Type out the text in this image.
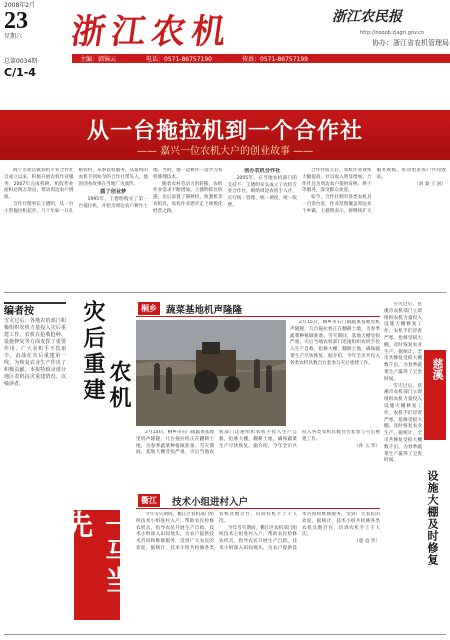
2008年2月
23
星期六	浙江农机	浙江农民报
http://nooob.zjagri.gov.cn
协办：浙江省农机管理局
总第0034期
C/1-4
主编：韩锦云	电话：0571-86757190	传真：0571-86757199
从一台拖拉机到一个合作社
—— 嘉兴一位农机大户的创业故事 ——

海宁市盐官镇农机专业合作社自成立以来，积极开展农机作业服务，2007年完成机耕、机收作业面积达两万余亩，带动周边农户增收。

合作社理事长王德明，从一台小型拖拉机起步，几十年如一日扎根农村，从事农机服务。从最初的农机手到如今的合作社带头人，他的创业故事在当地广为流传。

圆了创业梦

1995年，王德明购买了第一台拖拉机，开始为周边农户耕作土地。当时，他一边耕作一边学习农机修理技术。

随着农村劳动力的转移，农机作业需求不断增加。王德明抓住机遇，先后添置了插秧机、收割机等农机具，农机作业逐步走上规模化经营之路。

创办农机合作社

2005年，在当地农机部门的支持下，王德明牵头成立了农机专业合作社，吸纳周边农机手入社，实行统一管理、统一调度、统一收费。

合作社成立后，农机作业效率大幅提高，社员收入明显增加。合作社还为周边农户提供育秧、烘干等服务，深受群众欢迎。

如今，合作社拥有各类农机具一百余台套，作业范围覆盖周边多个乡镇。王德明表示，将继续扩大服务规模，带动更多农户共同致富。

（刘 秦 王 国）

编者按
雪灾过后，各地农机部门积极组织农机力量投入灾后重建工作。农机在抢收抢种、设施修复等方面发挥了重要作用，广大农机手不畏艰辛，奋战在灾后重建第一线，为恢复农业生产作出了积极贡献。本报特辑录部分地区农机抗灾重建情况，以飨读者。	灾后重建 农机
一马当先
桐乡 蔬菜基地机声隆隆

2月15日，桐乡市石门镇蔬菜基地里机声隆隆，几台拖拉机正在翻耕土地，为春季蔬菜种植做准备。雪灾期间，基地大棚受损严重，灾后当地农机部门迅速组织农机手投入生产自救，抢修大棚，翻耕土地，确保蔬菜生产尽快恢复。据介绍，今年全市共投入各类农机具数百台套参与灾后重建工作。

2月15日，桐乡市石门镇蔬菜基地里机声隆隆，几台拖拉机正在翻耕土地，为春季蔬菜种植做准备。雪灾期间，基地大棚受损严重，灾后当地农机部门迅速组织农机手投入生产自救，抢修大棚，翻耕土地，确保蔬菜生产尽快恢复。据介绍，今年全市共投入各类农机具数百台套参与灾后重建工作。

（孙 玉 华）

衢江	技术小组进村入户

今年雪灾期间，衢江区农机部门组织技术小组进村入户，帮助农民检修农机具，指导农民开展生产自救。技术小组深入田间地头，为农户提供技术咨询和维修服务，受到广大农民的欢迎。据统计，技术小组共检修各类农机具数百台，培训农机手上千人次。

今年雪灾期间，衢江区农机部门组织技术小组进村入户，帮助农民检修农机具，指导农民开展生产自救。技术小组深入田间地头，为农户提供技术咨询和维修服务，受到广大农民的欢迎。据统计，技术小组共检修各类农机具数百台，培训农机手上千人次。

（童 益 华）

雪灾过后，慈溪市农机部门立即组织农机力量投入设施大棚修复工作，农机手们冒着严寒，抢修受损大棚，及时恢复农业生产。据统计，全市共修复受损大棚数千亩，为春季蔬菜生产赢得了宝贵时间。

雪灾过后，慈溪市农机部门立即组织农机力量投入设施大棚修复工作，农机手们冒着严寒，抢修受损大棚，及时恢复农业生产。据统计，全市共修复受损大棚数千亩，为春季蔬菜生产赢得了宝贵时间。

慈溪
设施大棚及时修复
